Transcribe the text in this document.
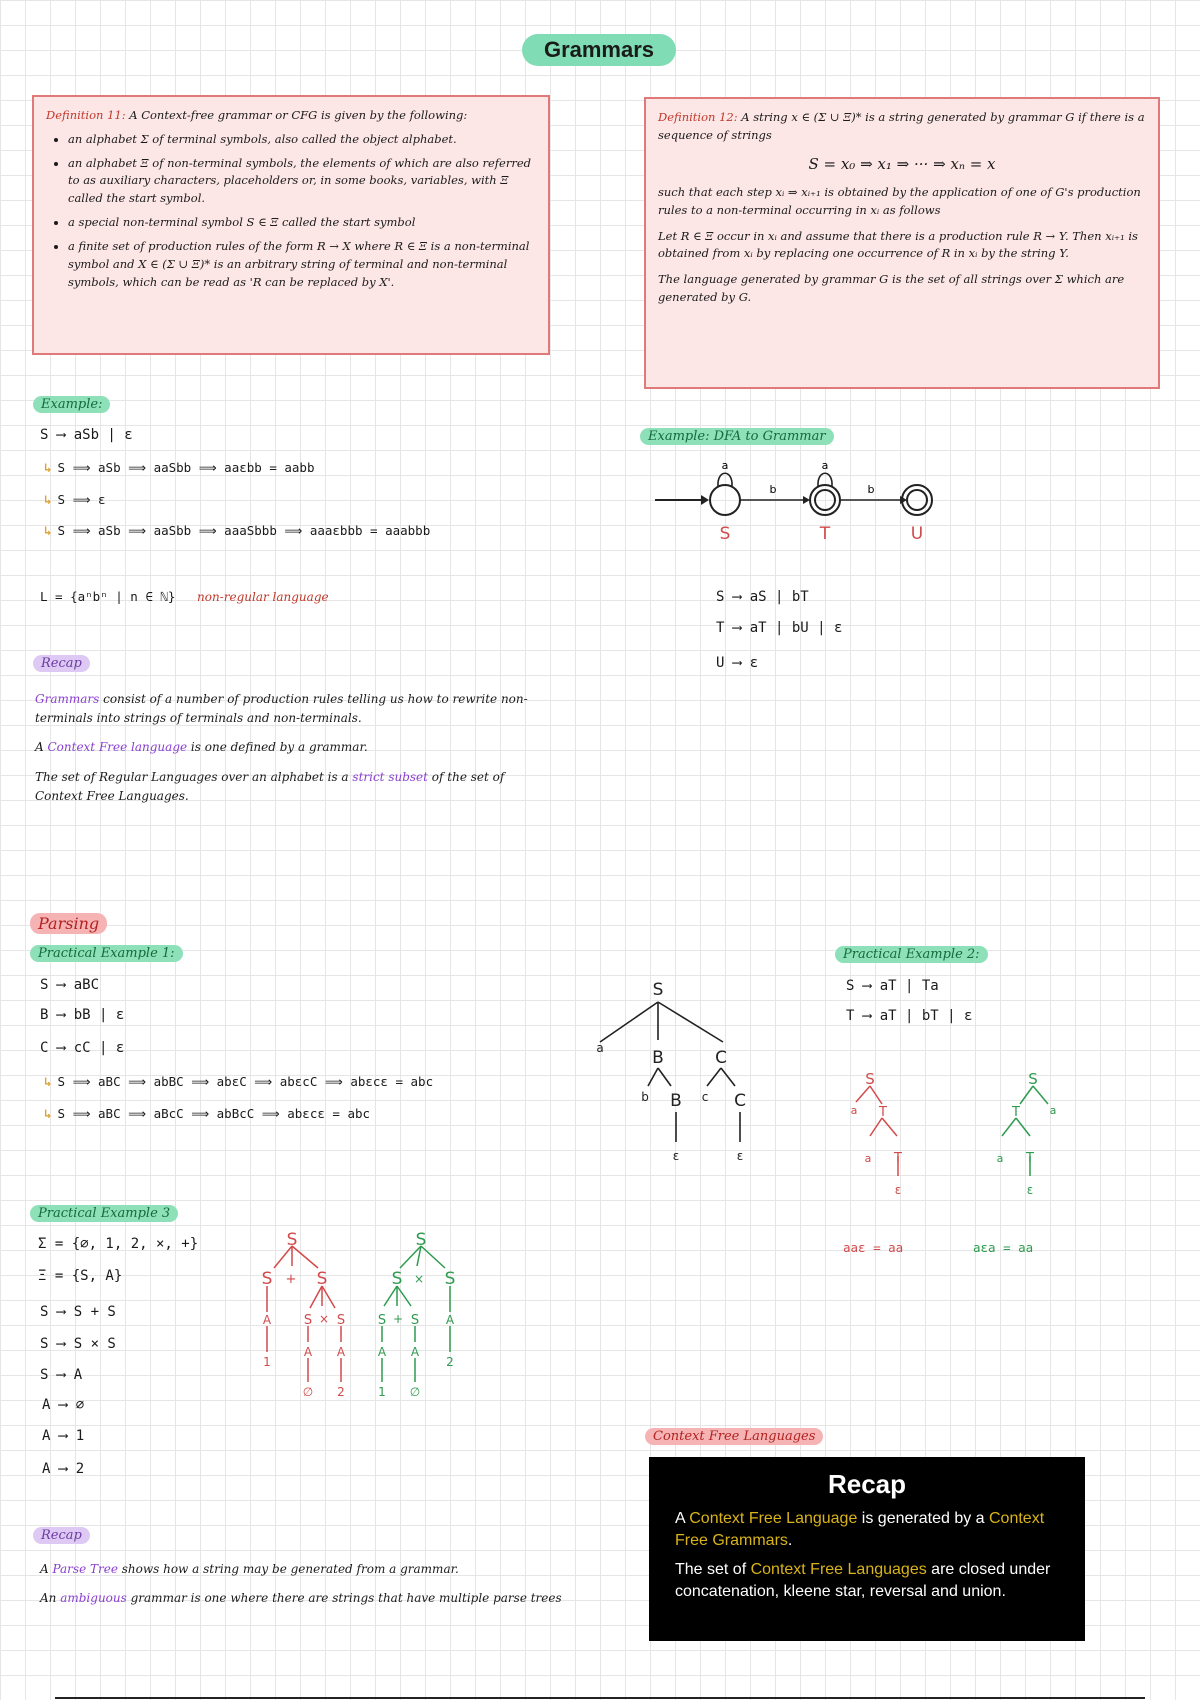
Grammars
Definition 11: A Context-free grammar or CFG is given by the following:
• an alphabet Σ of terminal symbols, also called the object alphabet.
• an alphabet Ξ of non-terminal symbols, the elements of which are also referred to as auxiliary characters, placeholders or, in some books, variables, with Ξ called the start symbol.
• a special non-terminal symbol S ∈ Ξ called the start symbol
• a finite set of production rules of the form R → X where R ∈ Ξ is a non-terminal symbol and X ∈ (Σ ∪ Ξ)* is an arbitrary string of terminal and non-terminal symbols, which can be read as 'R can be replaced by X'.
Definition 12: A string x ∈ (Σ ∪ Ξ)* is a string generated by grammar G if there is a sequence of strings
S = x₀ ⇒ x₁ ⇒ ··· ⇒ xₙ = x
such that each step xᵢ ⇒ xᵢ₊₁ is obtained by the application of one of G's production rules to a non-terminal occurring in xᵢ as follows
Let R ∈ Ξ occur in xᵢ and assume that there is a production rule R → Y. Then xᵢ₊₁ is obtained from xᵢ by replacing one occurrence of R in xᵢ by the string Y.
The language generated by grammar G is the set of all strings over Σ which are generated by G.
Example:
S ⟶ aSb | ε
↳ S ⟹ aSb ⟹ aaSbb ⟹ aaεbb = aabb
↳ S ⟹ ε
↳ S ⟹ aSb ⟹ aaSbb ⟹ aaaSbbb ⟹ aaaεbbb = aaabbb
L = {aⁿbⁿ | n ∈ ℕ} non-regular language
Example: DFA to Grammar
a
b
a
b
S	T	U
S ⟶ aS | bT
T ⟶ aT | bU | ε
U ⟶ ε
Recap
Grammars consist of a number of production rules telling us how to rewrite non-terminals into strings of terminals and non-terminals.
A Context Free language is one defined by a grammar.
The set of Regular Languages over an alphabet is a strict subset of the set of Context Free Languages.
Parsing
Practical Example 1:
S ⟶ aBC
B ⟶ bB | ε
C ⟶ cC | ε
↳ S ⟹ aBC ⟹ abBC ⟹ abεC ⟹ abεcC ⟹ abεcε = abc
↳ S ⟹ aBC ⟹ aBcC ⟹ abBcC ⟹ abεcε = abc
S
a	B	C
b B c C
ε	ε
Practical Example 2:
S ⟶ aT | Ta
T ⟶ aT | bT | ε
S
a T
a T
ε
S
T	a
a T
ε
aaε = aa	aεa = aa
Practical Example 3
Σ = {∅, 1, 2, ×, +}
Ξ = {S, A}
S ⟶ S + S
S ⟶ S × S
S ⟶ A
A ⟶ ∅
A ⟶ 1
A ⟶ 2
S
S + S
A
1
S × S
A A
∅ 2
S
S × S
S + S A
2
A A
1 ∅
Recap
A Parse Tree shows how a string may be generated from a grammar.
An ambiguous grammar is one where there are strings that have multiple parse trees
Context Free Languages
Recap

A Context Free Language is generated by a Context Free Grammars.

The set of Context Free Languages are closed under concatenation, kleene star, reversal and union.
